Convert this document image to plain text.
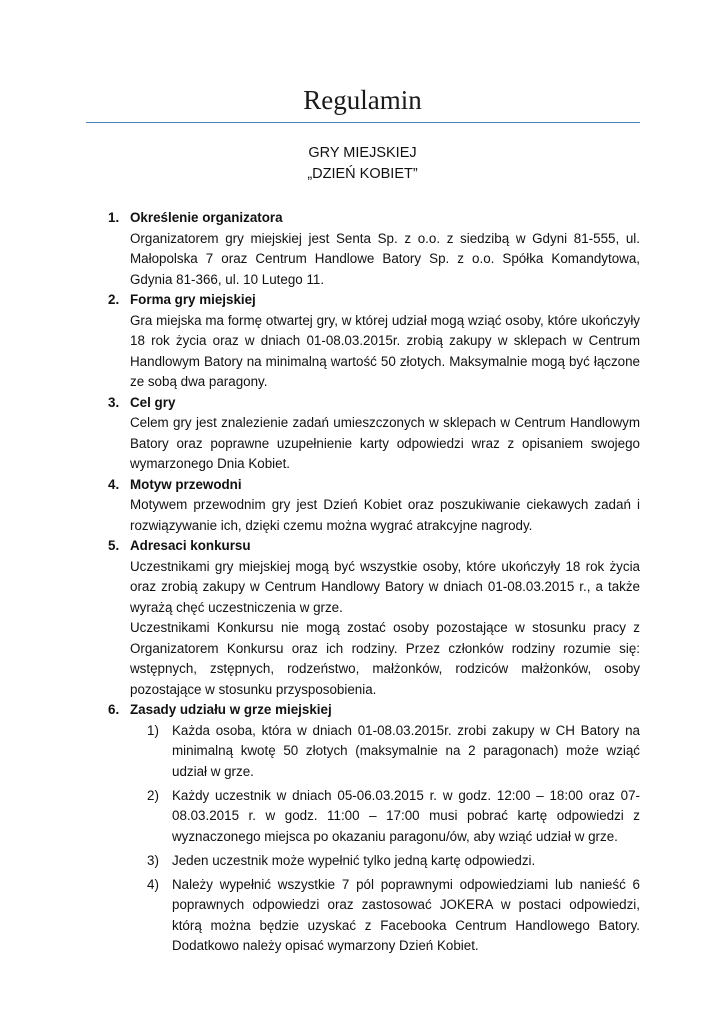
Regulamin
GRY MIEJSKIEJ
„DZIEŃ KOBIET”
1. Określenie organizatora
Organizatorem gry miejskiej jest Senta Sp. z o.o. z siedzibą w Gdyni 81-555, ul. Małopolska 7 oraz Centrum Handlowe Batory Sp. z o.o. Spółka Komandytowa, Gdynia 81-366, ul. 10 Lutego 11.
2. Forma gry miejskiej
Gra miejska ma formę otwartej gry, w której udział mogą wziąć osoby, które ukończyły 18 rok życia oraz w dniach 01-08.03.2015r. zrobią zakupy w sklepach w Centrum Handlowym Batory na minimalną wartość 50 złotych. Maksymalnie mogą być łączone ze sobą dwa paragony.
3. Cel gry
Celem gry jest znalezienie zadań umieszczonych w sklepach w Centrum Handlowym Batory oraz poprawne uzupełnienie karty odpowiedzi wraz z opisaniem swojego wymarzonego Dnia Kobiet.
4. Motyw przewodni
Motywem przewodnim gry jest Dzień Kobiet oraz poszukiwanie ciekawych zadań i rozwiązywanie ich, dzięki czemu można wygrać atrakcyjne nagrody.
5. Adresaci konkursu
Uczestnikami gry miejskiej mogą być wszystkie osoby, które ukończyły 18 rok życia oraz zrobią zakupy w Centrum Handlowy Batory w dniach 01-08.03.2015 r., a także wyrażą chęć uczestniczenia w grze.
Uczestnikami Konkursu nie mogą zostać osoby pozostające w stosunku pracy z Organizatorem Konkursu oraz ich rodziny. Przez członków rodziny rozumie się: wstępnych, zstępnych, rodzeństwo, małżonków, rodziców małżonków, osoby pozostające w stosunku przysposobienia.
6. Zasady udziału w grze miejskiej
1) Każda osoba, która w dniach 01-08.03.2015r. zrobi zakupy w CH Batory na minimalną kwotę 50 złotych (maksymalnie na 2 paragonach) może wziąć udział w grze.
2) Każdy uczestnik w dniach 05-06.03.2015 r. w godz. 12:00 – 18:00 oraz 07-08.03.2015 r. w godz. 11:00 – 17:00 musi pobrać kartę odpowiedzi z wyznaczonego miejsca po okazaniu paragonu/ów, aby wziąć udział w grze.
3) Jeden uczestnik może wypełnić tylko jedną kartę odpowiedzi.
4) Należy wypełnić wszystkie 7 pól poprawnymi odpowiedziami lub nanieść 6 poprawnych odpowiedzi oraz zastosować JOKERA w postaci odpowiedzi, którą można będzie uzyskać z Facebooka Centrum Handlowego Batory. Dodatkowo należy opisać wymarzony Dzień Kobiet.
